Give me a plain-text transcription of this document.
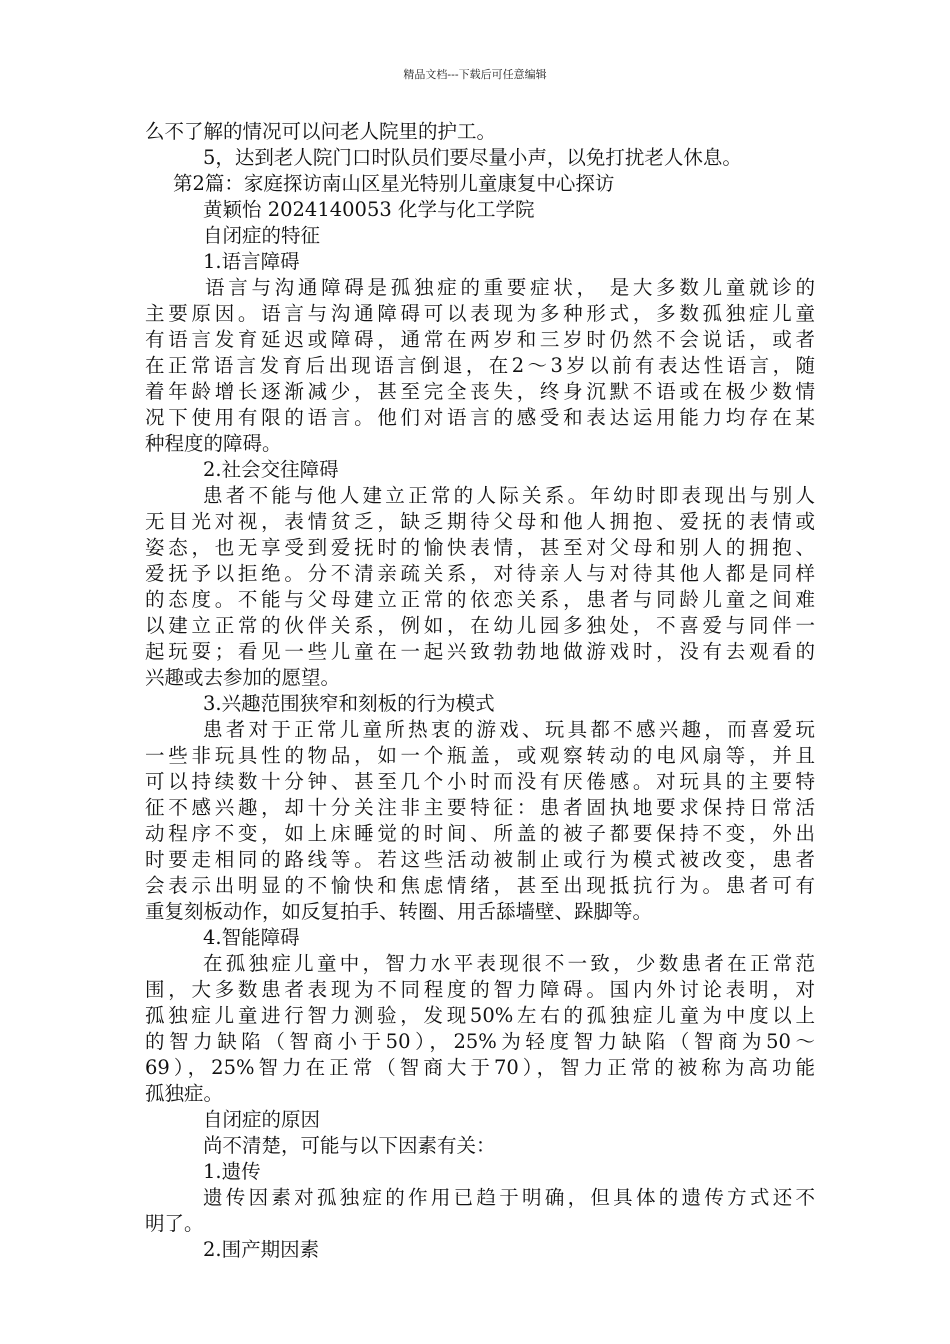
精品文档---下载后可任意编辑
么不了解的情况可以问老人院里的护工。
5，达到老人院门口时队员们要尽量小声，以免打扰老人休息。
第2篇：家庭探访南山区星光特别儿童康复中心探访
黄颖怡 2024140053 化学与化工学院
自闭症的特征
1.语言障碍
语言与沟通障碍是孤独症的重要症状， 是大多数儿童就诊的
主要原因。语言与沟通障碍可以表现为多种形式，多数孤独症儿童
有语言发育延迟或障碍，通常在两岁和三岁时仍然不会说话，或者
在正常语言发育后出现语言倒退，在2～3岁以前有表达性语言，随
着年龄增长逐渐减少，甚至完全丧失，终身沉默不语或在极少数情
况下使用有限的语言。他们对语言的感受和表达运用能力均存在某
种程度的障碍。
2.社会交往障碍
患者不能与他人建立正常的人际关系。年幼时即表现出与别人
无目光对视，表情贫乏，缺乏期待父母和他人拥抱、爱抚的表情或
姿态，也无享受到爱抚时的愉快表情，甚至对父母和别人的拥抱、
爱抚予以拒绝。分不清亲疏关系，对待亲人与对待其他人都是同样
的态度。不能与父母建立正常的依恋关系，患者与同龄儿童之间难
以建立正常的伙伴关系，例如，在幼儿园多独处，不喜爱与同伴一
起玩耍；看见一些儿童在一起兴致勃勃地做游戏时，没有去观看的
兴趣或去参加的愿望。
3.兴趣范围狭窄和刻板的行为模式
患者对于正常儿童所热衷的游戏、玩具都不感兴趣，而喜爱玩
一些非玩具性的物品，如一个瓶盖，或观察转动的电风扇等，并且
可以持续数十分钟、甚至几个小时而没有厌倦感。对玩具的主要特
征不感兴趣，却十分关注非主要特征：患者固执地要求保持日常活
动程序不变，如上床睡觉的时间、所盖的被子都要保持不变，外出
时要走相同的路线等。若这些活动被制止或行为模式被改变，患者
会表示出明显的不愉快和焦虑情绪，甚至出现抵抗行为。患者可有
重复刻板动作，如反复拍手、转圈、用舌舔墙壁、跺脚等。
4.智能障碍
在孤独症儿童中，智力水平表现很不一致，少数患者在正常范
围，大多数患者表现为不同程度的智力障碍。国内外讨论表明，对
孤独症儿童进行智力测验，发现50%左右的孤独症儿童为中度以上
的智力缺陷（智商小于50），25%为轻度智力缺陷（智商为50～
69），25%智力在正常（智商大于70），智力正常的被称为高功能
孤独症。
自闭症的原因
尚不清楚，可能与以下因素有关：
1.遗传
遗传因素对孤独症的作用已趋于明确，但具体的遗传方式还不
明了。
2.围产期因素
